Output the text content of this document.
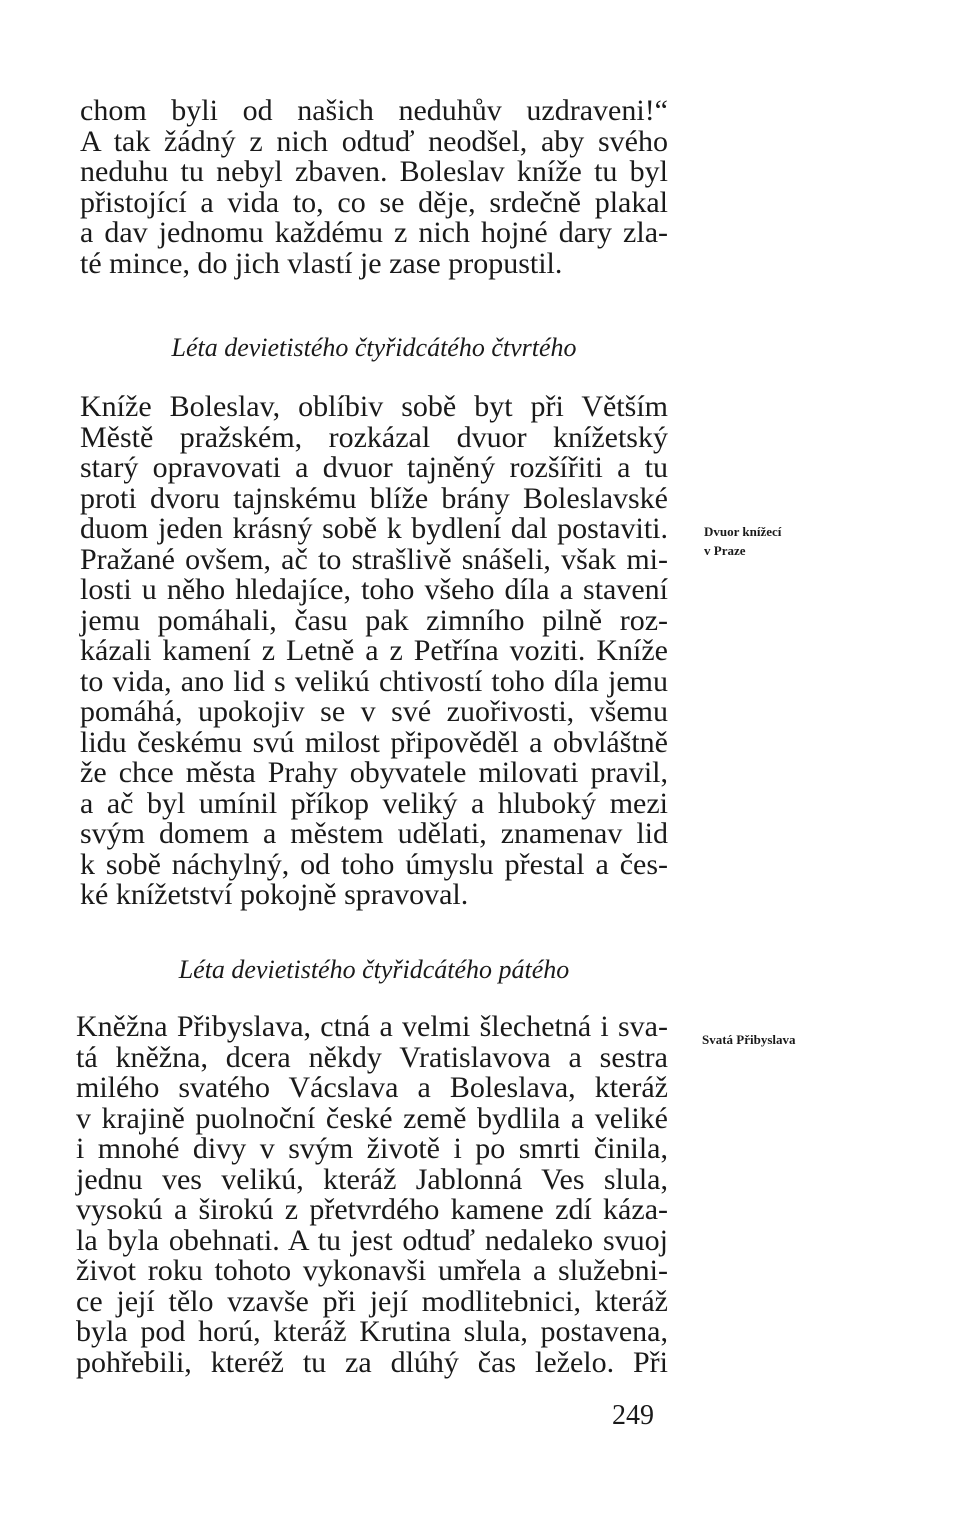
chom byli od našich neduhův uzdraveni!“
A tak žádný z nich odtuď neodšel, aby svého
neduhu tu nebyl zbaven. Boleslav kníže tu byl
přistojící a vida to, co se děje, srdečně plakal
a dav jednomu každému z nich hojné dary zla-
té mince, do jich vlastí je zase propustil.
Léta devietistého čtyřidcátého čtvrtého
Kníže Boleslav, oblíbiv sobě byt při Větším
Městě pražském, rozkázal dvuor knížetský
starý opravovati a dvuor tajněný rozšířiti a tu
proti dvoru tajnskému blíže brány Boleslavské
duom jeden krásný sobě k bydlení dal postaviti.
Pražané ovšem, ač to strašlivě snášeli, však mi-
losti u něho hledajíce, toho všeho díla a stavení
jemu pomáhali, času pak zimního pilně roz-
kázali kamení z Letně a z Petřína voziti. Kníže
to vida, ano lid s velikú chtivostí toho díla jemu
pomáhá, upokojiv se v své zuořivosti, všemu
lidu českému svú milost připověděl a obvláštně
že chce města Prahy obyvatele milovati pravil,
a ač byl umínil příkop veliký a hluboký mezi
svým domem a městem udělati, znamenav lid
k sobě náchylný, od toho úmyslu přestal a čes-
ké knížetství pokojně spravoval.
Dvuor knížecí
v Praze
Léta devietistého čtyřidcátého pátého
Kněžna Přibyslava, ctná a velmi šlechetná i sva-
tá kněžna, dcera někdy Vratislavova a sestra
milého svatého Vácslava a Boleslava, kteráž
v krajině puolnoční české země bydlila a veliké
i mnohé divy v svým životě i po smrti činila,
jednu ves velikú, kteráž Jablonná Ves slula,
vysokú a širokú z přetvrdého kamene zdí káza-
la byla obehnati. A tu jest odtuď nedaleko svuoj
život roku tohoto vykonavši umřela a služebni-
ce její tělo vzavše při její modlitebnici, kteráž
byla pod horú, kteráž Krutina slula, postavena,
pohřebili, kteréž tu za dlúhý čas leželo. Při
Svatá Přibyslava
249
